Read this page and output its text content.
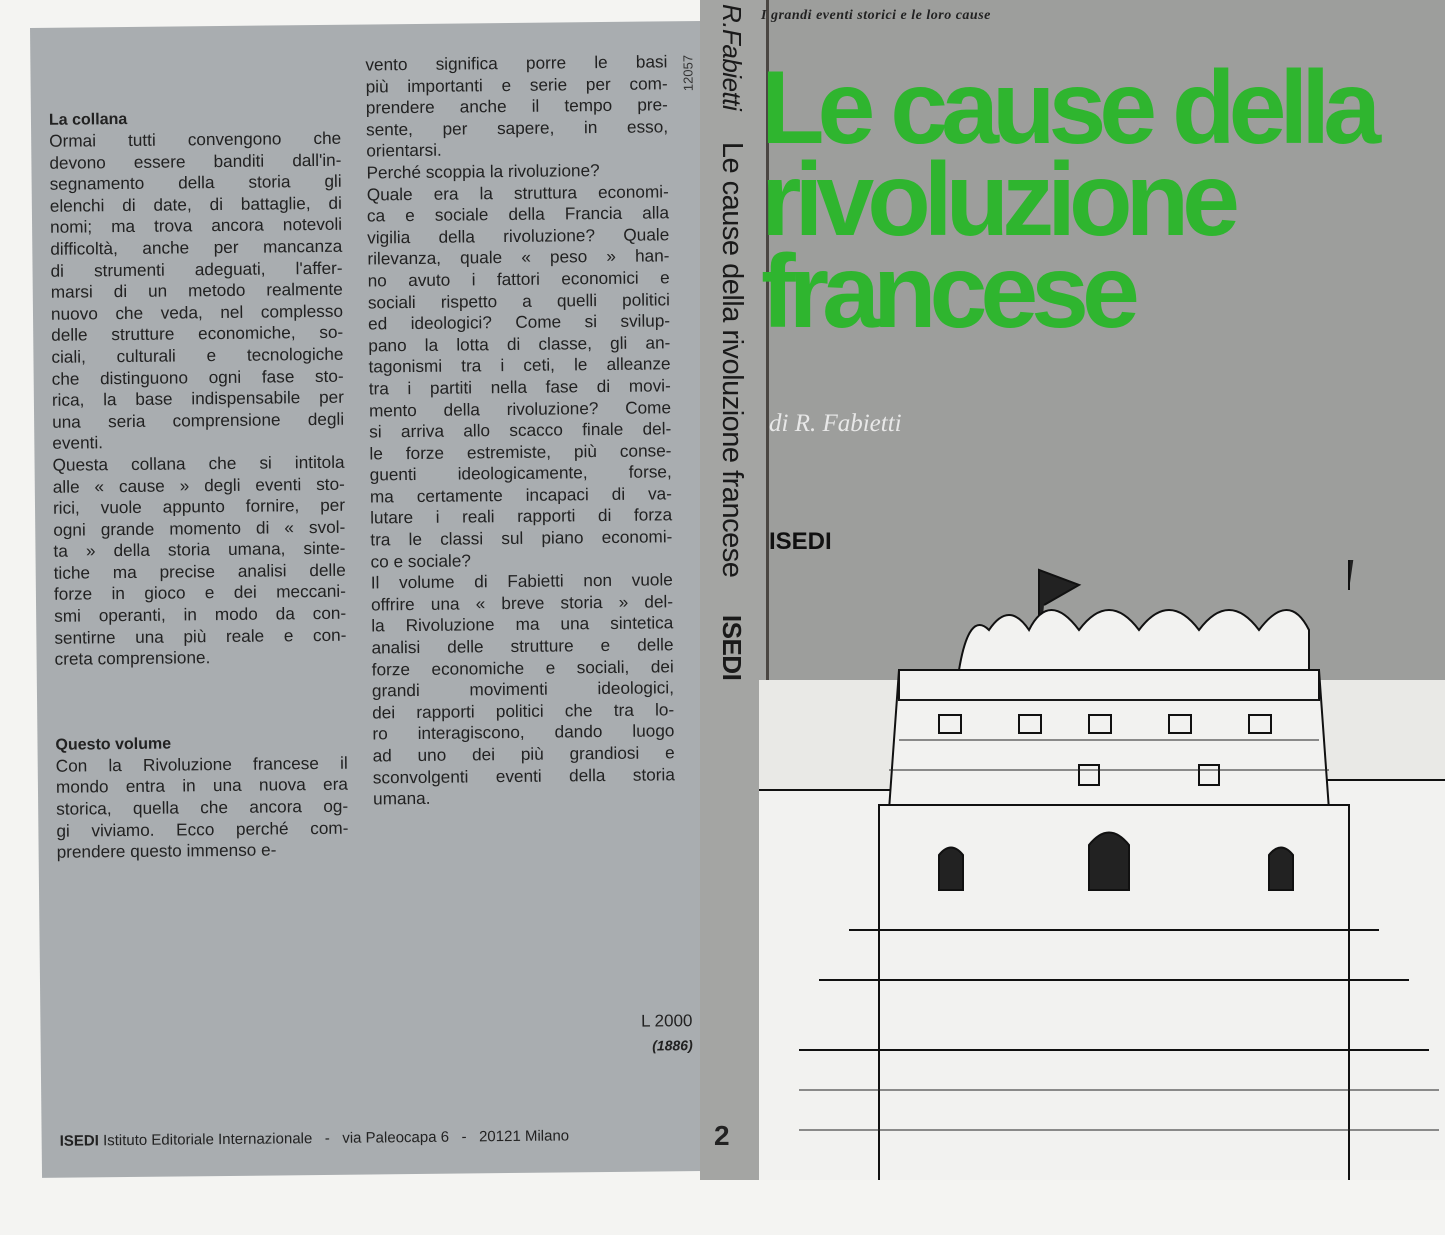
La collana
Ormai tutti convengono che
devono essere banditi dall'in-
segnamento della storia gli
elenchi di date, di battaglie, di
nomi; ma trova ancora notevoli
difficoltà, anche per mancanza
di strumenti adeguati, l'affer-
marsi di un metodo realmente
nuovo che veda, nel complesso
delle strutture economiche, so-
ciali, culturali e tecnologiche
che distinguono ogni fase sto-
rica, la base indispensabile per
una seria comprensione degli
eventi.
Questa collana che si intitola
alle « cause » degli eventi sto-
rici, vuole appunto fornire, per
ogni grande momento di « svol-
ta » della storia umana, sinte-
tiche ma precise analisi delle
forze in gioco e dei meccani-
smi operanti, in modo da con-
sentirne una più reale e con-
creta comprensione.
Questo volume
Con la Rivoluzione francese il
mondo entra in una nuova era
storica, quella che ancora og-
gi viviamo. Ecco perché com-
prendere questo immenso e-
vento significa porre le basi
più importanti e serie per com-
prendere anche il tempo pre-
sente, per sapere, in esso,
orientarsi.
Perché scoppia la rivoluzione?
Quale era la struttura economi-
ca e sociale della Francia alla
vigilia della rivoluzione? Quale
rilevanza, quale « peso » han-
no avuto i fattori economici e
sociali rispetto a quelli politici
ed ideologici? Come si svilup-
pano la lotta di classe, gli an-
tagonismi tra i ceti, le alleanze
tra i partiti nella fase di movi-
mento della rivoluzione? Come
si arriva allo scacco finale del-
le forze estremiste, più conse-
guenti ideologicamente, forse,
ma certamente incapaci di va-
lutare i reali rapporti di forza
tra le classi sul piano economi-
co e sociale?
Il volume di Fabietti non vuole
offrire una « breve storia » del-
la Rivoluzione ma una sintetica
analisi delle strutture e delle
forze economiche e sociali, dei
grandi movimenti ideologici,
dei rapporti politici che tra lo-
ro interagiscono, dando luogo
ad uno dei più grandiosi e
sconvolgenti eventi della storia
umana.
12057
L 2000
(1886)
ISEDI Istituto Editoriale Internazionale   -   via Paleocapa 6   -   20121 Milano
R.Fabietti Le cause della rivoluzione francese ISEDI
2
I grandi eventi storici e le loro cause
Le cause della
rivoluzione
francese
di R. Fabietti
ISEDI
